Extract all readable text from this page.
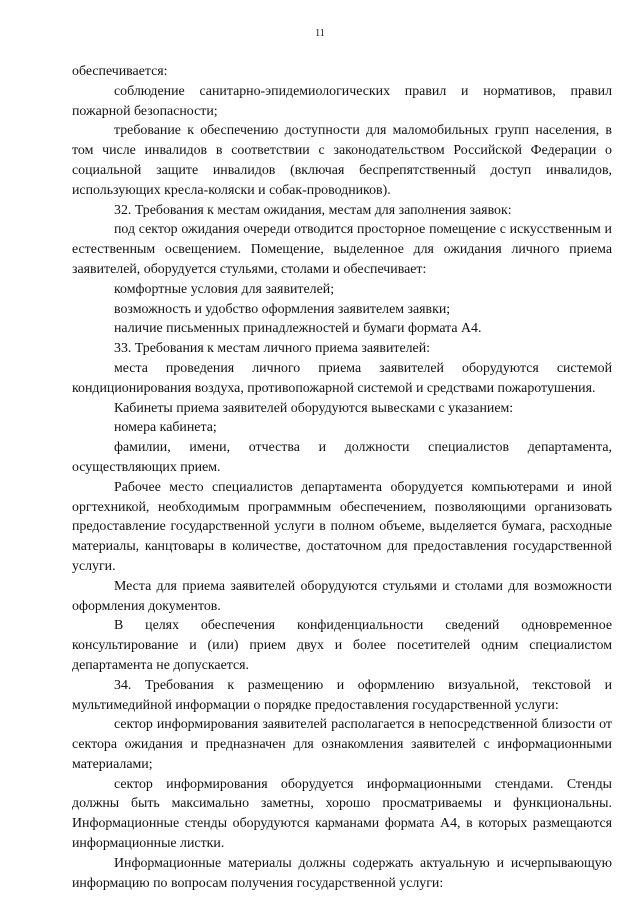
11

обеспечивается:

соблюдение санитарно-эпидемиологических правил и нормативов, правил пожарной безопасности;

требование к обеспечению доступности для маломобильных групп населения, в том числе инвалидов в соответствии с законодательством Российской Федерации о социальной защите инвалидов (включая беспрепятственный доступ инвалидов, использующих кресла-коляски и собак-проводников).

32. Требования к местам ожидания, местам для заполнения заявок:

под сектор ожидания очереди отводится просторное помещение с искусственным и естественным освещением. Помещение, выделенное для ожидания личного приема заявителей, оборудуется стульями, столами и обеспечивает:

комфортные условия для заявителей;

возможность и удобство оформления заявителем заявки;

наличие письменных принадлежностей и бумаги формата А4.

33. Требования к местам личного приема заявителей:

места проведения личного приема заявителей оборудуются системой кондиционирования воздуха, противопожарной системой и средствами пожаротушения.

Кабинеты приема заявителей оборудуются вывесками с указанием:

номера кабинета;

фамилии, имени, отчества и должности специалистов департамента, осуществляющих прием.

Рабочее место специалистов департамента оборудуется компьютерами и иной оргтехникой, необходимым программным обеспечением, позволяющими организовать предоставление государственной услуги в полном объеме, выделяется бумага, расходные материалы, канцтовары в количестве, достаточном для предоставления государственной услуги.

Места для приема заявителей оборудуются стульями и столами для возможности оформления документов.

В целях обеспечения конфиденциальности сведений одновременное консультирование и (или) прием двух и более посетителей одним специалистом департамента не допускается.

34. Требования к размещению и оформлению визуальной, текстовой и мультимедийной информации о порядке предоставления государственной услуги:

сектор информирования заявителей располагается в непосредственной близости от сектора ожидания и предназначен для ознакомления заявителей с информационными материалами;

сектор информирования оборудуется информационными стендами. Стенды должны быть максимально заметны, хорошо просматриваемы и функциональны. Информационные стенды оборудуются карманами формата А4, в которых размещаются информационные листки.

Информационные материалы должны содержать актуальную и исчерпывающую информацию по вопросам получения государственной услуги:
